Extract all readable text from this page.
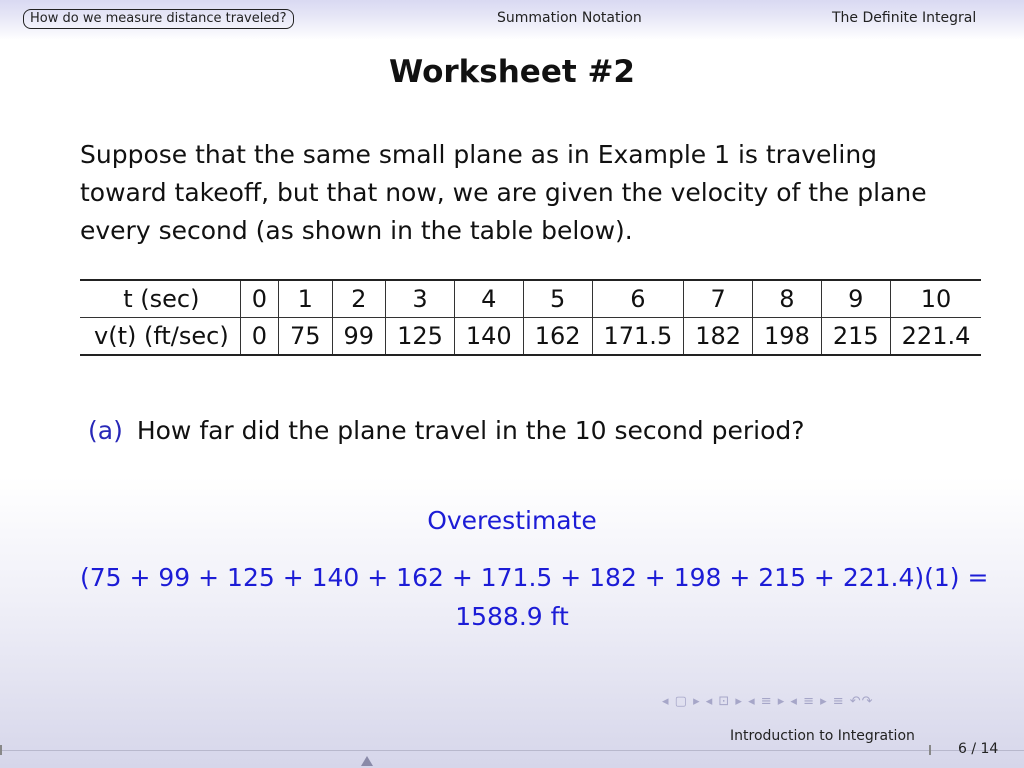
How do we measure distance traveled?	Summation Notation	The Definite Integral
Worksheet #2
Suppose that the same small plane as in Example 1 is traveling toward takeoff, but that now, we are given the velocity of the plane every second (as shown in the table below).
t (sec)	0	1	2	3	4	5	6	7	8	9	10
v(t) (ft/sec)	0	75	99	125	140	162	171.5	182	198	215	221.4
(a) How far did the plane travel in the 10 second period?
Overestimate
(75 + 99 + 125 + 140 + 162 + 171.5 + 182 + 198 + 215 + 221.4)(1) =
1588.9 ft
◂ ▢ ▸ ◂ ⊡ ▸ ◂ ≡ ▸ ◂ ≡ ▸ ≡ ↶↷
Introduction to Integration
6 / 14
